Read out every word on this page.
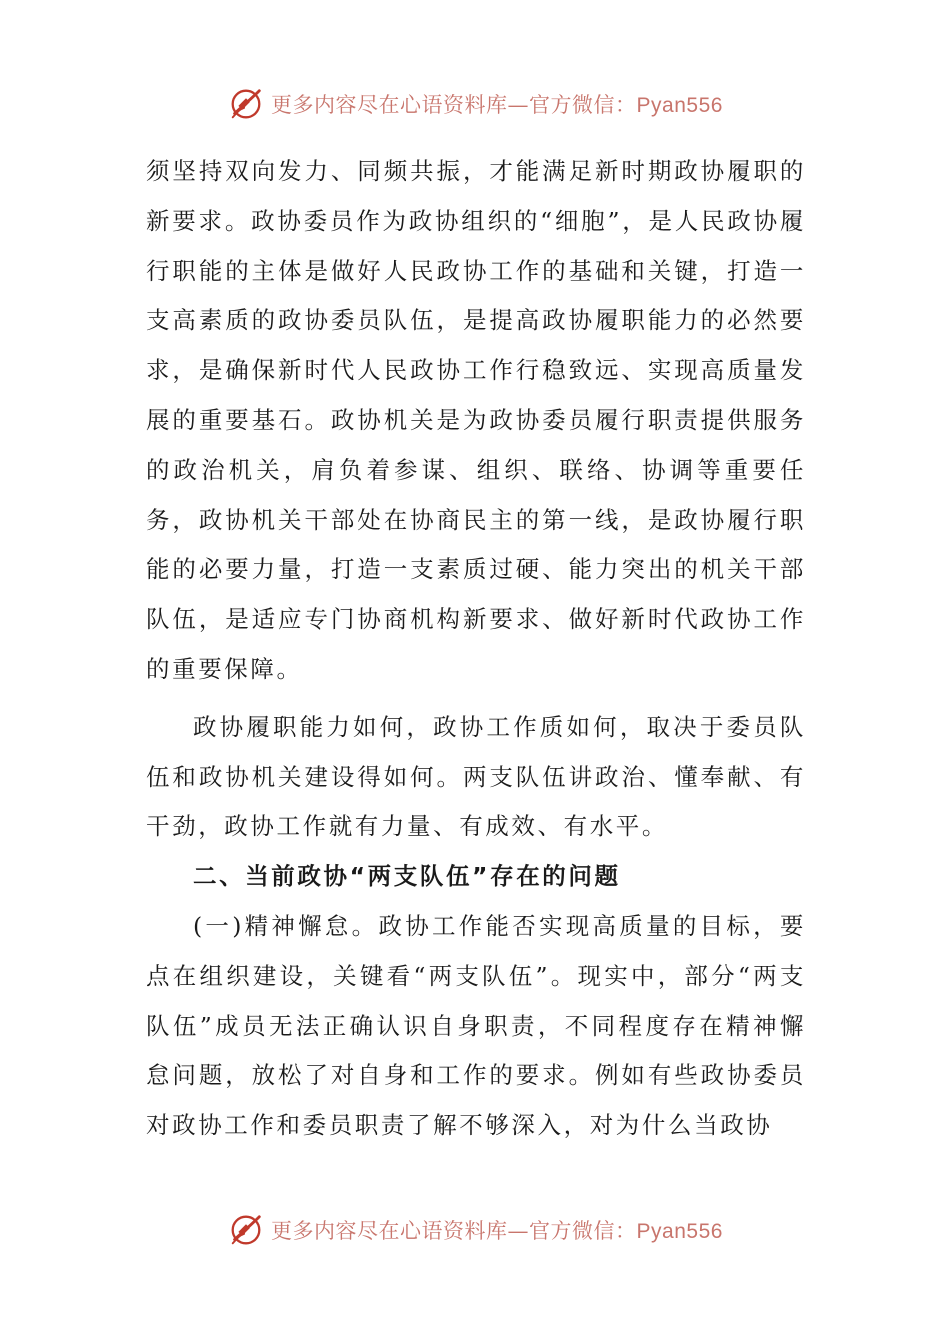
更多内容尽在心语资料库—官方微信：Pyan556

须坚持双向发力、同频共振，才能满足新时期政协履职的新要求。政协委员作为政协组织的“细胞”，是人民政协履行职能的主体是做好人民政协工作的基础和关键，打造一支高素质的政协委员队伍，是提高政协履职能力的必然要求，是确保新时代人民政协工作行稳致远、实现高质量发展的重要基石。政协机关是为政协委员履行职责提供服务的政治机关，肩负着参谋、组织、联络、协调等重要任务，政协机关干部处在协商民主的第一线，是政协履行职能的必要力量，打造一支素质过硬、能力突出的机关干部队伍，是适应专门协商机构新要求、做好新时代政协工作的重要保障。

政协履职能力如何，政协工作质如何，取决于委员队伍和政协机关建设得如何。两支队伍讲政治、懂奉献、有干劲，政协工作就有力量、有成效、有水平。

二、当前政协“两支队伍”存在的问题

(一)精神懈怠。政协工作能否实现高质量的目标，要点在组织建设，关键看“两支队伍”。现实中，部分“两支队伍”成员无法正确认识自身职责，不同程度存在精神懈怠问题，放松了对自身和工作的要求。例如有些政协委员对政协工作和委员职责了解不够深入，对为什么当政协

更多内容尽在心语资料库—官方微信：Pyan556
